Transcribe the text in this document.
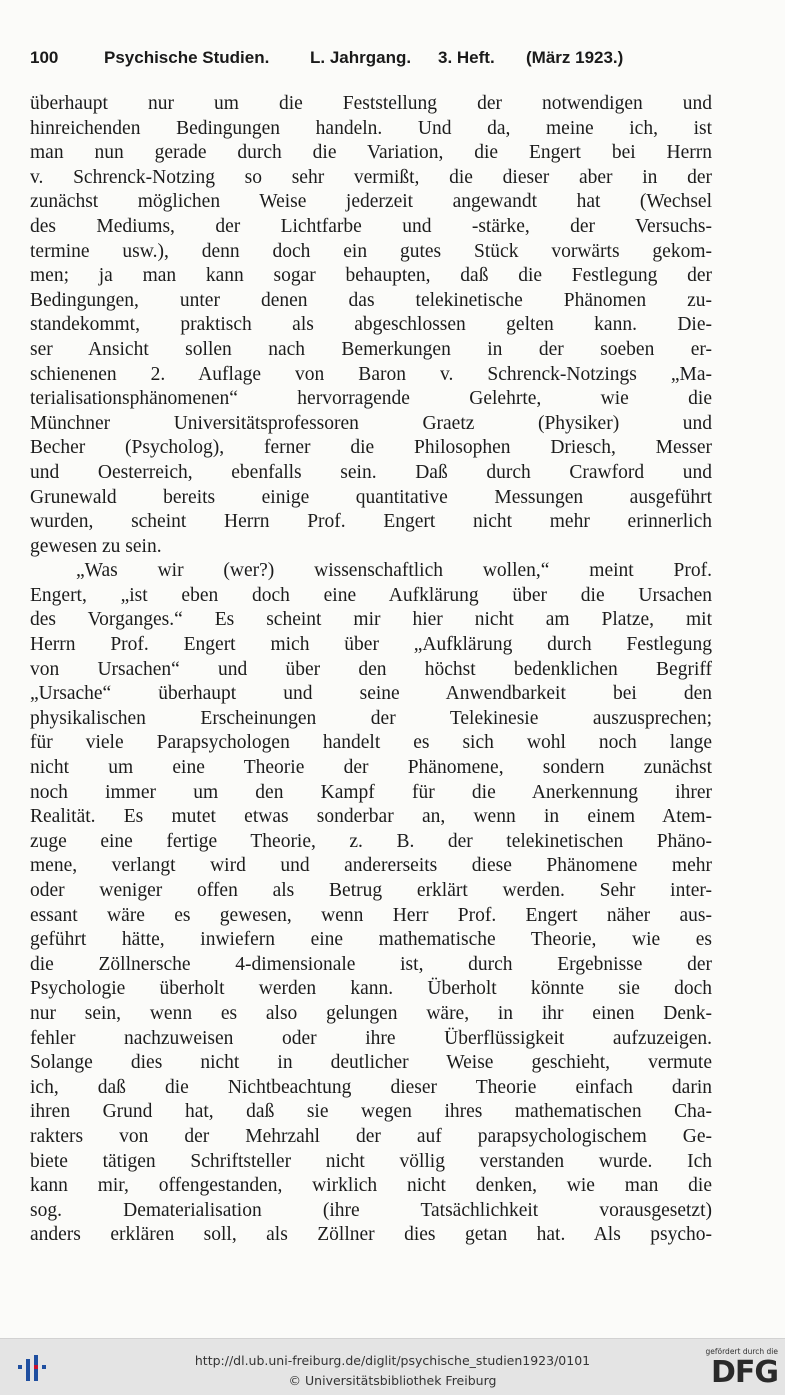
100	Psychische Studien. L. Jahrgang. 3. Heft. (März 1923.)
überhaupt nur um die Feststellung der notwendigen und
hinreichenden Bedingungen handeln. Und da, meine ich, ist
man nun gerade durch die Variation, die Engert bei Herrn
v. Schrenck-Notzing so sehr vermißt, die dieser aber in der
zunächst möglichen Weise jederzeit angewandt hat (Wechsel
des Mediums, der Lichtfarbe und -stärke, der Versuchs-
termine usw.), denn doch ein gutes Stück vorwärts gekom-
men; ja man kann sogar behaupten, daß die Festlegung der
Bedingungen, unter denen das telekinetische Phänomen zu-
standekommt, praktisch als abgeschlossen gelten kann. Die-
ser Ansicht sollen nach Bemerkungen in der soeben er-
schienenen 2. Auflage von Baron v. Schrenck-Notzings „Ma-
terialisationsphänomenen“ hervorragende Gelehrte, wie die
Münchner Universitätsprofessoren Graetz (Physiker) und
Becher (Psycholog), ferner die Philosophen Driesch, Messer
und Oesterreich, ebenfalls sein. Daß durch Crawford und
Grunewald bereits einige quantitative Messungen ausgeführt
wurden, scheint Herrn Prof. Engert nicht mehr erinnerlich
gewesen zu sein.
„Was wir (wer?) wissenschaftlich wollen,“ meint Prof.
Engert, „ist eben doch eine Aufklärung über die Ursachen
des Vorganges.“ Es scheint mir hier nicht am Platze, mit
Herrn Prof. Engert mich über „Aufklärung durch Festlegung
von Ursachen“ und über den höchst bedenklichen Begriff
„Ursache“ überhaupt und seine Anwendbarkeit bei den
physikalischen Erscheinungen der Telekinesie auszusprechen;
für viele Parapsychologen handelt es sich wohl noch lange
nicht um eine Theorie der Phänomene, sondern zunächst
noch immer um den Kampf für die Anerkennung ihrer
Realität. Es mutet etwas sonderbar an, wenn in einem Atem-
zuge eine fertige Theorie, z. B. der telekinetischen Phäno-
mene, verlangt wird und andererseits diese Phänomene mehr
oder weniger offen als Betrug erklärt werden. Sehr inter-
essant wäre es gewesen, wenn Herr Prof. Engert näher aus-
geführt hätte, inwiefern eine mathematische Theorie, wie es
die Zöllnersche 4-dimensionale ist, durch Ergebnisse der
Psychologie überholt werden kann. Überholt könnte sie doch
nur sein, wenn es also gelungen wäre, in ihr einen Denk-
fehler nachzuweisen oder ihre Überflüssigkeit aufzuzeigen.
Solange dies nicht in deutlicher Weise geschieht, vermute
ich, daß die Nichtbeachtung dieser Theorie einfach darin
ihren Grund hat, daß sie wegen ihres mathematischen Cha-
rakters von der Mehrzahl der auf parapsychologischem Ge-
biete tätigen Schriftsteller nicht völlig verstanden wurde. Ich
kann mir, offengestanden, wirklich nicht denken, wie man die
sog. Dematerialisation (ihre Tatsächlichkeit vorausgesetzt)
anders erklären soll, als Zöllner dies getan hat. Als psycho-
http://dl.ub.uni-freiburg.de/diglit/psychische_studien1923/0101
© Universitätsbibliothek Freiburg
gefördert durch die
DFG
